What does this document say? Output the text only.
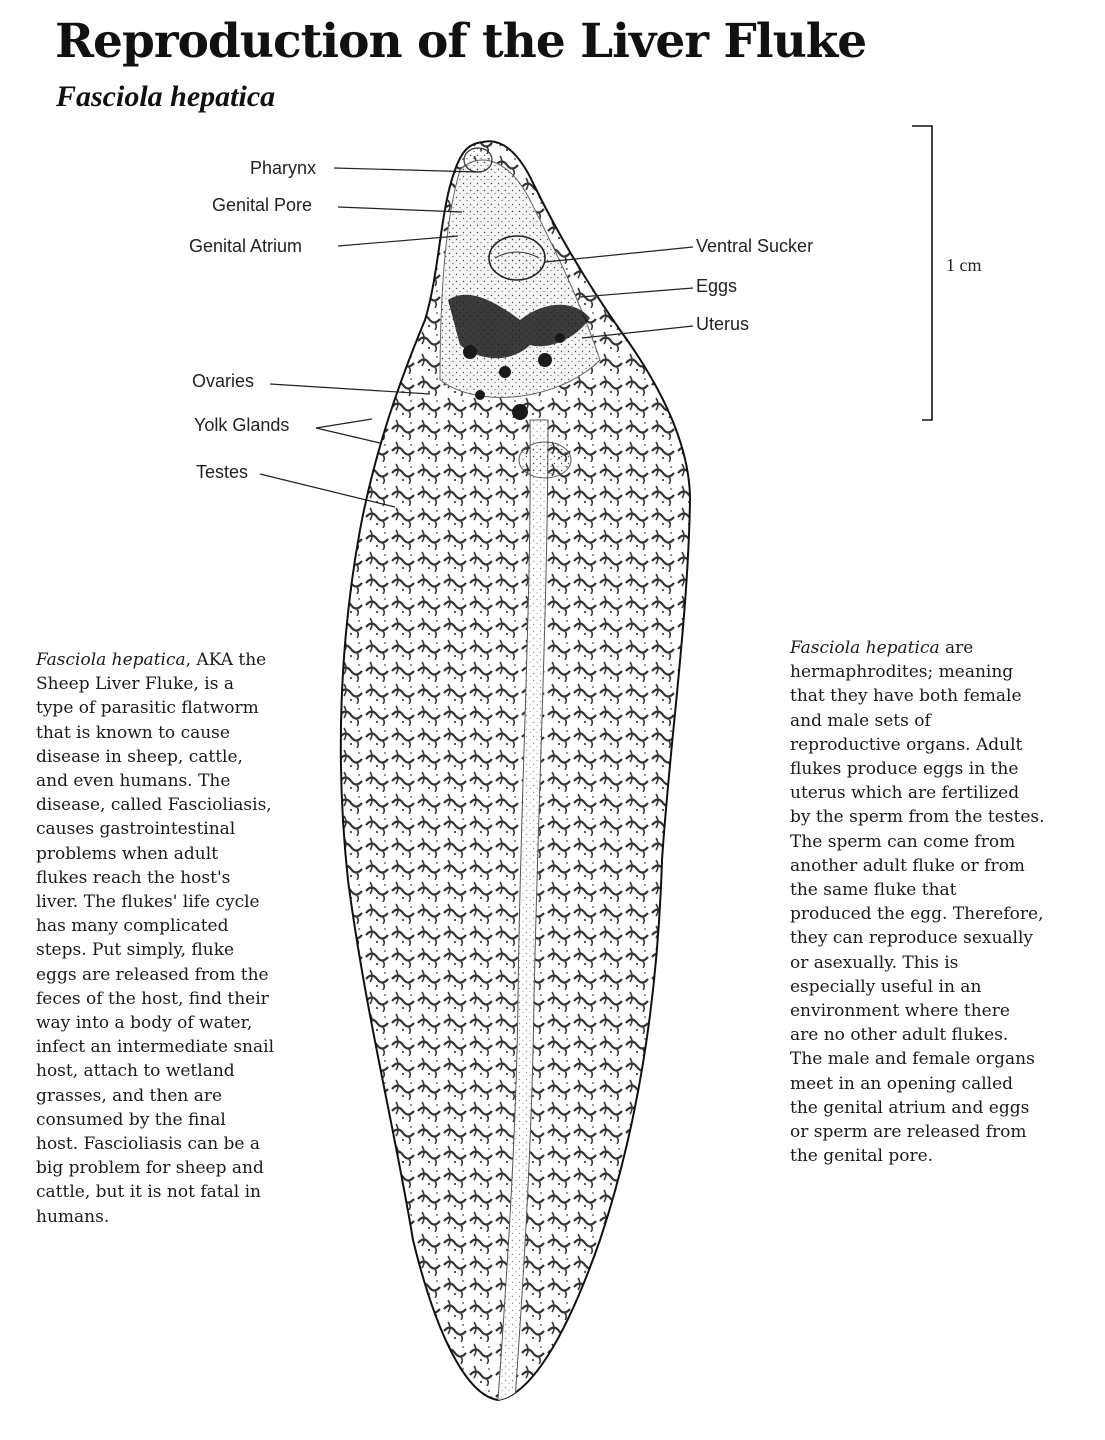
Reproduction of the Liver Fluke
Fasciola hepatica
Pharynx
Genital Pore
Genital Atrium	Ventral Sucker
Eggs
Uterus
Ovaries
Yolk Glands
Testes
1 cm
Fasciola hepatica, AKA the
Sheep Liver Fluke, is a
type of parasitic flatworm
that is known to cause
disease in sheep, cattle,
and even humans. The
disease, called Fascioliasis,
causes gastrointestinal
problems when adult
flukes reach the host's
liver. The flukes' life cycle
has many complicated
steps. Put simply, fluke
eggs are released from the
feces of the host, find their
way into a body of water,
infect an intermediate snail
host, attach to wetland
grasses, and then are
consumed by the final
host. Fascioliasis can be a
big problem for sheep and
cattle, but it is not fatal in
humans.
Fasciola hepatica are
hermaphrodites; meaning
that they have both female
and male sets of
reproductive organs. Adult
flukes produce eggs in the
uterus which are fertilized
by the sperm from the testes.
The sperm can come from
another adult fluke or from
the same fluke that
produced the egg. Therefore,
they can reproduce sexually
or asexually. This is
especially useful in an
environment where there
are no other adult flukes.
The male and female organs
meet in an opening called
the genital atrium and eggs
or sperm are released from
the genital pore.
